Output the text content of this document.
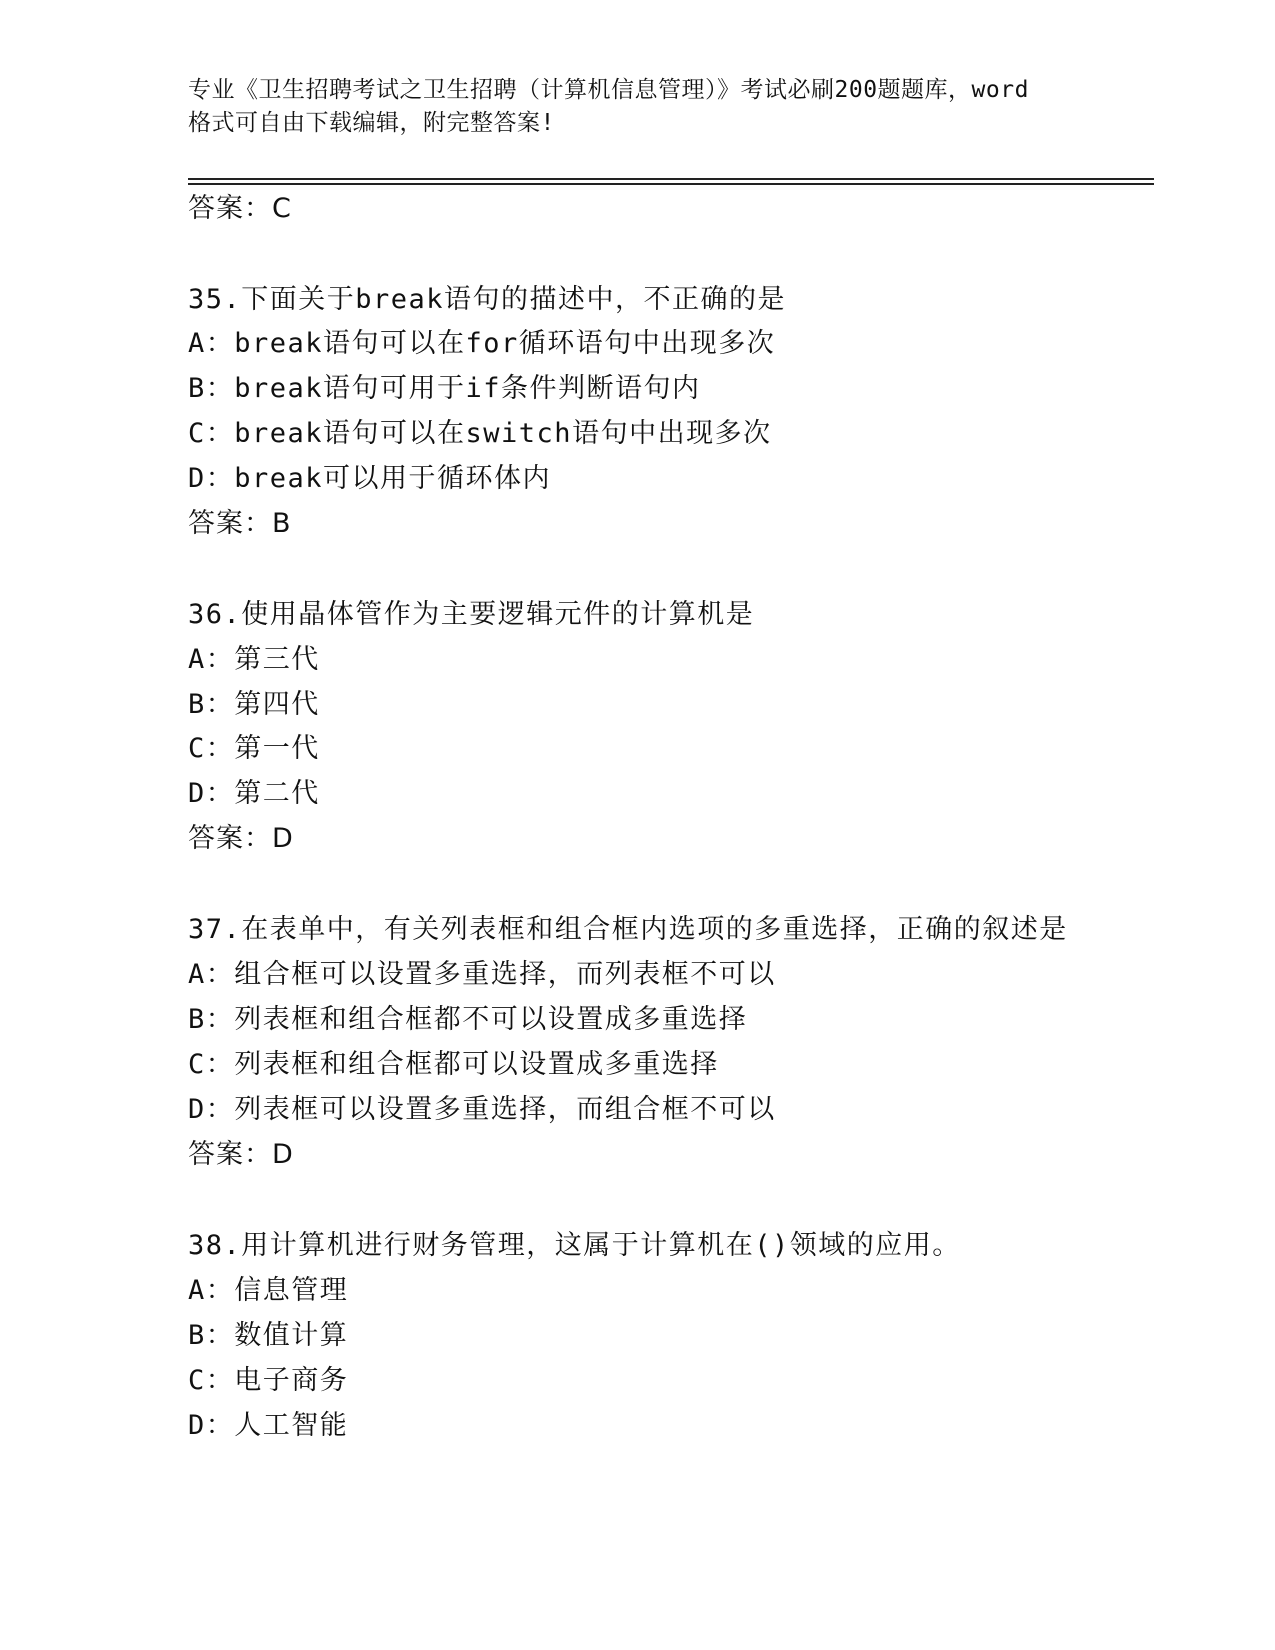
专业《卫生招聘考试之卫生招聘（计算机信息管理）》考试必刷200题题库，word
格式可自由下载编辑，附完整答案!
答案：C
35.下面关于break语句的描述中，不正确的是
A：break语句可以在for循环语句中出现多次
B：break语句可用于if条件判断语句内
C：break语句可以在switch语句中出现多次
D：break可以用于循环体内
答案：B
36.使用晶体管作为主要逻辑元件的计算机是
A：第三代
B：第四代
C：第一代
D：第二代
答案：D
37.在表单中，有关列表框和组合框内选项的多重选择，正确的叙述是
A：组合框可以设置多重选择，而列表框不可以
B：列表框和组合框都不可以设置成多重选择
C：列表框和组合框都可以设置成多重选择
D：列表框可以设置多重选择，而组合框不可以
答案：D
38.用计算机进行财务管理，这属于计算机在()领域的应用。
A：信息管理
B：数值计算
C：电子商务
D：人工智能
